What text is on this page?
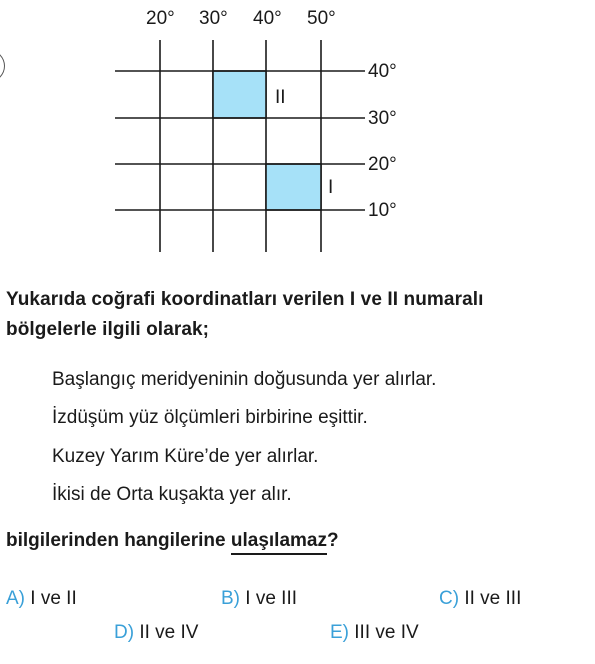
20° 30° 40° 50°
40°
30°
20°
10°
II
I
Yukarıda coğrafi koordinatları verilen I ve II numaralı
bölgelerle ilgili olarak;
Başlangıç meridyeninin doğusunda yer alırlar.
İzdüşüm yüz ölçümleri birbirine eşittir.
Kuzey Yarım Küre’de yer alırlar.
İkisi de Orta kuşakta yer alır.
bilgilerinden hangilerine ulaşılamaz?
A) I ve II	B) I ve III	C) II ve III
D) II ve IV	E) III ve IV
